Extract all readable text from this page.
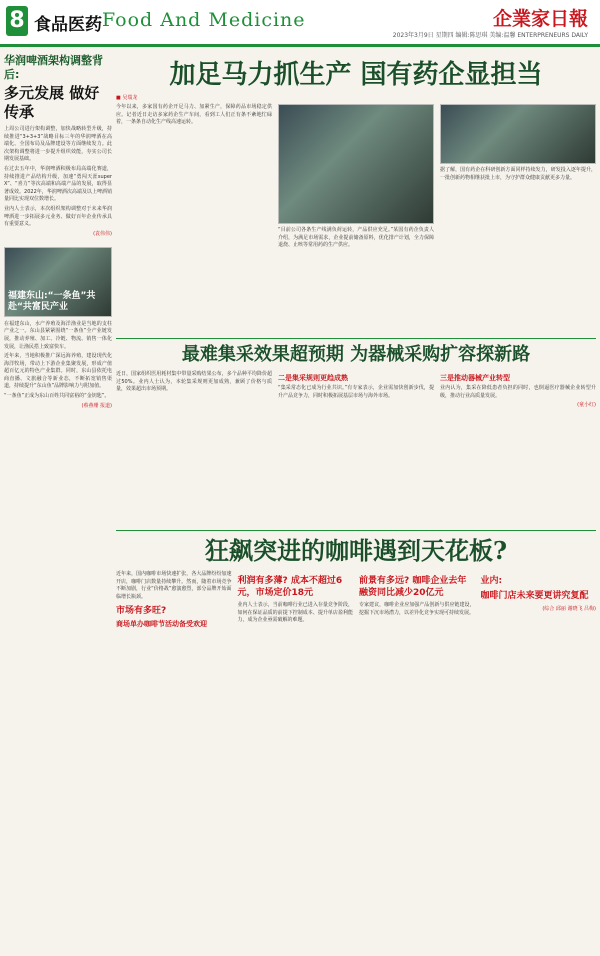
8 食品医药 Food And Medicine	企業家日報
2023年3月9日 星期四 编辑:陈思琪 美编:温馨 ENTERPRENEURS DAILY
华润啤酒架构调整背后:
多元发展 做好传承

上周公司进行架构调整，加快战略转型升级，持续推进“3+3+3”战略目标三年的华润啤酒在高端化、全国布局及品牌建设等方面继续发力。此次架构调整将进一步提升组织效能，夯实公司长期发展基础。

在过去五年中，华润啤酒积极布局高端化赛道，持续推进产品结构升级，加速“勇闯天涯superX”、“喜力”等次高端和高端产品的发展，取得显著成效。2022年，华润啤酒次高端及以上啤酒销量同比实现双位数增长。

业内人士表示，本次组织架构调整对于未来华润啤酒进一步拓展多元业务、做好百年企业传承具有重要意义。

(袁伟伟)
福建东山:“一条鱼”共赴“共富民产业

在福建东山，水产养殖及海洋渔业是当地的支柱产业之一。东山县紧紧围绕“一条鱼”全产业链发展，推动养殖、加工、冷链、物流、销售一体化发展，让渔民搭上致富快车。

近年来，当地积极推广深远海养殖，建设现代化海洋牧场，带动上下游企业集聚发展，形成产值超百亿元的特色产业集群。同时，东山县依托电商直播、文旅融合等新业态，不断拓宽销售渠道，持续提升“东山鱼”品牌影响力与附加值。

“一条鱼”正成为东山百姓共同富裕的“金钥匙”。

(蔡燕珊 报道)
加足马力抓生产 国有药企显担当
■ 吴瑞龙

今年以来，多家国有药企开足马力、加紧生产，保障药品市场稳定供应。记者近日走访多家药企生产车间，看到工人们正有条不紊地忙碌着，一条条自动化生产线高速运转。

“目前公司各条生产线满负荷运转，产品供应充足。”某国有药企负责人介绍，为满足市场需求，企业提前储备原料，优化排产计划，全力保障退烧、止咳等常用药的生产供应。

据了解，国有药企在科研创新方面同样持续发力，研发投入逐年提升，一批创新药物相继获批上市，为守护群众健康贡献更多力量。

最难集采效果超预期 为器械采购扩容探新路

近日，国家组织医用耗材集中带量采购结果公布，多个品种平均降价超过50%。业内人士认为，本轮集采规则更加成熟，兼顾了价格与质量，效果超出市场预期。

二是集采规则更趋成熟

“集采常态化已成为行业共识。”有专家表示，企业需加快创新步伐，提升产品竞争力，同时积极拓展基层市场与海外市场。

三是推动器械产业转型

业内认为，集采在降低患者负担的同时，也倒逼医疗器械企业转型升级，推动行业高质量发展。

(童小红)
狂飙突进的咖啡遇到天花板?

近年来，国内咖啡市场快速扩张，各大品牌纷纷加速开店，咖啡门店数量持续攀升。然而，随着市场竞争不断加剧，行业“价格战”愈演愈烈，部分品牌开始面临增长瓶颈。

市场有多旺?
商场单办咖啡节活动备受欢迎
利润有多薄? 成本不超过6元，市场定价18元

业内人士表示，当前咖啡行业已进入存量竞争阶段，如何在保证品质的前提下控制成本、提升单店盈利能力，成为企业亟需破解的难题。

前景有多远? 咖啡企业去年融资同比减少20亿元

专家建议，咖啡企业应加强产品创新与供应链建设，挖掘下沉市场潜力，以差异化竞争实现可持续发展。

业内:
咖啡门店未来要更讲究复配
(综合 邱丽 谢晓飞 吕梅)
